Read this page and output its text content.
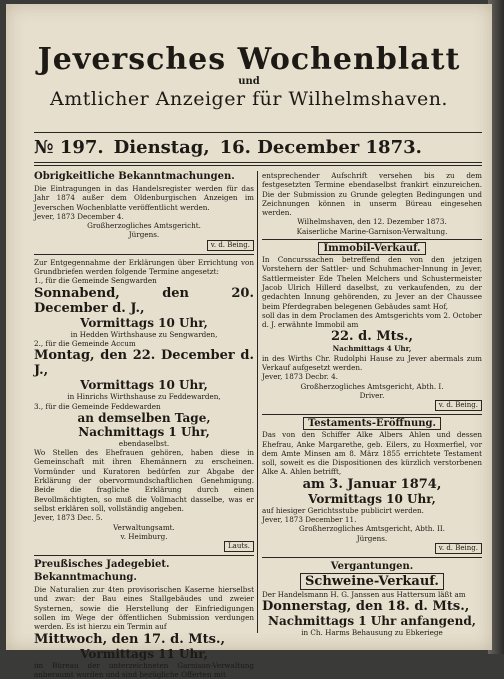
Jeversches Wochenblatt
und
Amtlicher Anzeiger für Wilhelmshaven.
№ 197. Dienstag, 16. December 1873.

Obrigkeitliche Bekanntmachungen.

Die Eintragungen in das Handelsregister werden für das Jahr 1874 außer dem Oldenburgischen Anzeigen im Jeverschen Wochenblatte veröffentlicht werden.

Jever, 1873 December 4.

Großherzogliches Amtsgericht.

Jürgens.

v. d. Being.

Zur Entgegennahme der Erklärungen über Errichtung von Grundbriefen werden folgende Termine angesetzt:

1., für die Gemeinde Sengwarden

Sonnabend, den 20. December d. J.,

Vormittags 10 Uhr,

in Hedden Wirthshause zu Sengwarden,

2., für die Gemeinde Accum

Montag, den 22. December d. J.,

Vormittags 10 Uhr,

in Hinrichs Wirthshause zu Feddewarden,

3., für die Gemeinde Feddewarden

an demselben Tage,

Nachmittags 1 Uhr,

ebendaselbst.

Wo Stellen des Ehefrauen gehören, haben diese in Gemeinschaft mit ihren Ehemännern zu erscheinen. Vormünder und Kuratoren bedürfen zur Abgabe der Erklärung der obervormundschaftlichen Genehmigung. Beide die fragliche Erklärung durch einen Bevollmächtigten, so muß die Vollmacht dasselbe, was er selbst erklären soll, vollständig angeben.

Jever, 1873 Dec. 5.

Verwaltungsamt.

v. Heimburg.

Lauts.

Preußisches Jadegebiet.

Bekanntmachung.

Die Naturalien zur 4ten provisorischen Kaserne hierselbst und zwar: der Bau eines Stallgebäudes und zweier Systernen, sowie die Herstellung der Einfriedigungen sollen im Wege der öffentlichen Submission verdungen werden. Es ist hierzu ein Termin auf

Mittwoch, den 17. d. Mts.,

Vormittags 11 Uhr,

im Büreau der unterzeichneten Garnison-Verwaltung anberaumt worden und sind bezügliche Offerten mit

entsprechender Aufschrift versehen bis zu dem festgesetzten Termine ebendaselbst frankirt einzureichen. Die der Submission zu Grunde gelegten Bedingungen und Zeichnungen können in unserm Büreau eingesehen werden.

Wilhelmshaven, den 12. Dezember 1873.

Kaiserliche Marine-Garnison-Verwaltung.

Immobil-Verkauf.

In Concurssachen betreffend den von den jetzigen Vorstehern der Sattler- und Schuhmacher-Innung in Jever, Sattlermeister Ede Thelen Melchers und Schustermeister Jacob Ulrich Hillerd daselbst, zu verkaufenden, zu der gedachten Innung gehörenden, zu Jever an der Chaussee beim Pferdegraben belegenen Gebäudes samt Hof,

soll das in dem Proclamen des Amtsgerichts vom 2. October d. J. erwähnte Immobil am

22. d. Mts.,

Nachmittags 4 Uhr,

in des Wirths Chr. Rudolphi Hause zu Jever abermals zum Verkauf aufgesetzt werden.

Jever, 1873 Decbr. 4.

Großherzogliches Amtsgericht, Abth. I.

Driver.

v. d. Being.

Testaments-Eröffnung.

Das von den Schiffer Alke Albers Ahlen und dessen Ehefrau, Anke Margarethe, geb. Eilers, zu Hoxmerfiel, vor dem Amte Minsen am 8. März 1855 errichtete Testament soll, soweit es die Dispositionen des kürzlich verstorbenen Alke A. Ahlen betrifft,

am 3. Januar 1874,

Vormittags 10 Uhr,

auf hiesiger Gerichtsstube publicirt werden.

Jever, 1873 December 11.

Großherzogliches Amtsgericht, Abth. II.

Jürgens.

v. d. Being.

Vergantungen.

Schweine-Verkauf.

Der Handelsmann H. G. Janssen aus Hattersum läßt am

Donnerstag, den 18. d. Mts.,

Nachmittags 1 Uhr anfangend,

in Ch. Harms Behausung zu Ebkeriege
